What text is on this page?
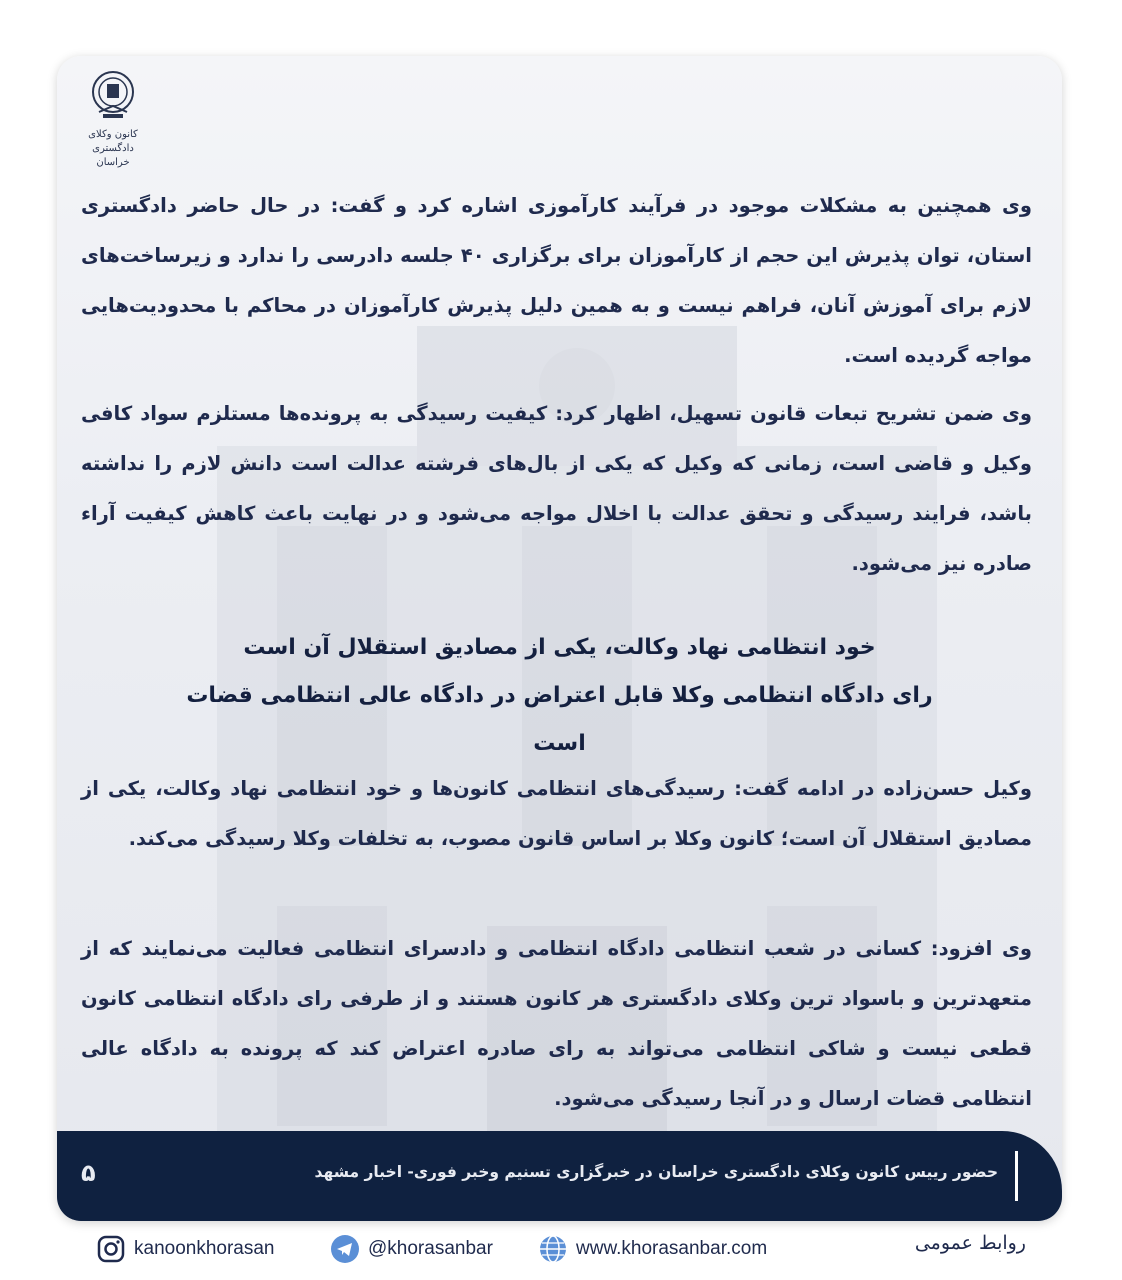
کانون وکلای دادگستری
خراسان
وی همچنین به مشکلات موجود در فرآیند کارآموزی اشاره کرد و گفت: در حال حاضر دادگستری استان، توان پذیرش این حجم از کارآموزان برای برگزاری ۴۰ جلسه دادرسی را ندارد و زیرساخت‌های لازم برای آموزش آنان، فراهم نیست و به همین دلیل پذیرش کارآموزان در محاکم با محدودیت‌هایی مواجه گردیده است.
وی ضمن تشریح تبعات قانون تسهیل، اظهار کرد: کیفیت رسیدگی به پرونده‌ها مستلزم سواد کافی وکیل و قاضی است، زمانی که وکیل که یکی از بال‌های فرشته عدالت است دانش لازم را نداشته باشد، فرایند رسیدگی و تحقق عدالت با اخلال مواجه می‌شود و در نهایت باعث کاهش کیفیت آراء صادره نیز می‌شود.
خود انتظامی نهاد وکالت، یکی از مصادیق استقلال آن است
رای دادگاه انتظامی وکلا قابل اعتراض در دادگاه عالی انتظامی قضات است
وکیل حسن‌زاده در ادامه گفت: رسیدگی‌های انتظامی کانون‌ها و خود انتظامی نهاد وکالت، یکی از مصادیق استقلال آن است؛ کانون وکلا بر اساس قانون مصوب، به تخلفات وکلا رسیدگی می‌کند.
وی افزود: کسانی در شعب انتظامی دادگاه انتظامی و دادسرای انتظامی فعالیت می‌نمایند که از متعهدترین و باسواد ترین وکلای دادگستری هر کانون هستند و از طرفی رای دادگاه انتظامی کانون قطعی نیست و شاکی انتظامی می‌تواند به رای صادره اعتراض کند که پرونده به دادگاه عالی انتظامی قضات ارسال و در آنجا رسیدگی می‌شود.
حضور رییس کانون وکلای دادگستری خراسان در خبرگزاری تسنیم وخبر فوری- اخبار مشهد
۵
kanoonkhorasan	@khorasanbar	www.khorasanbar.com	روابط عمومی
